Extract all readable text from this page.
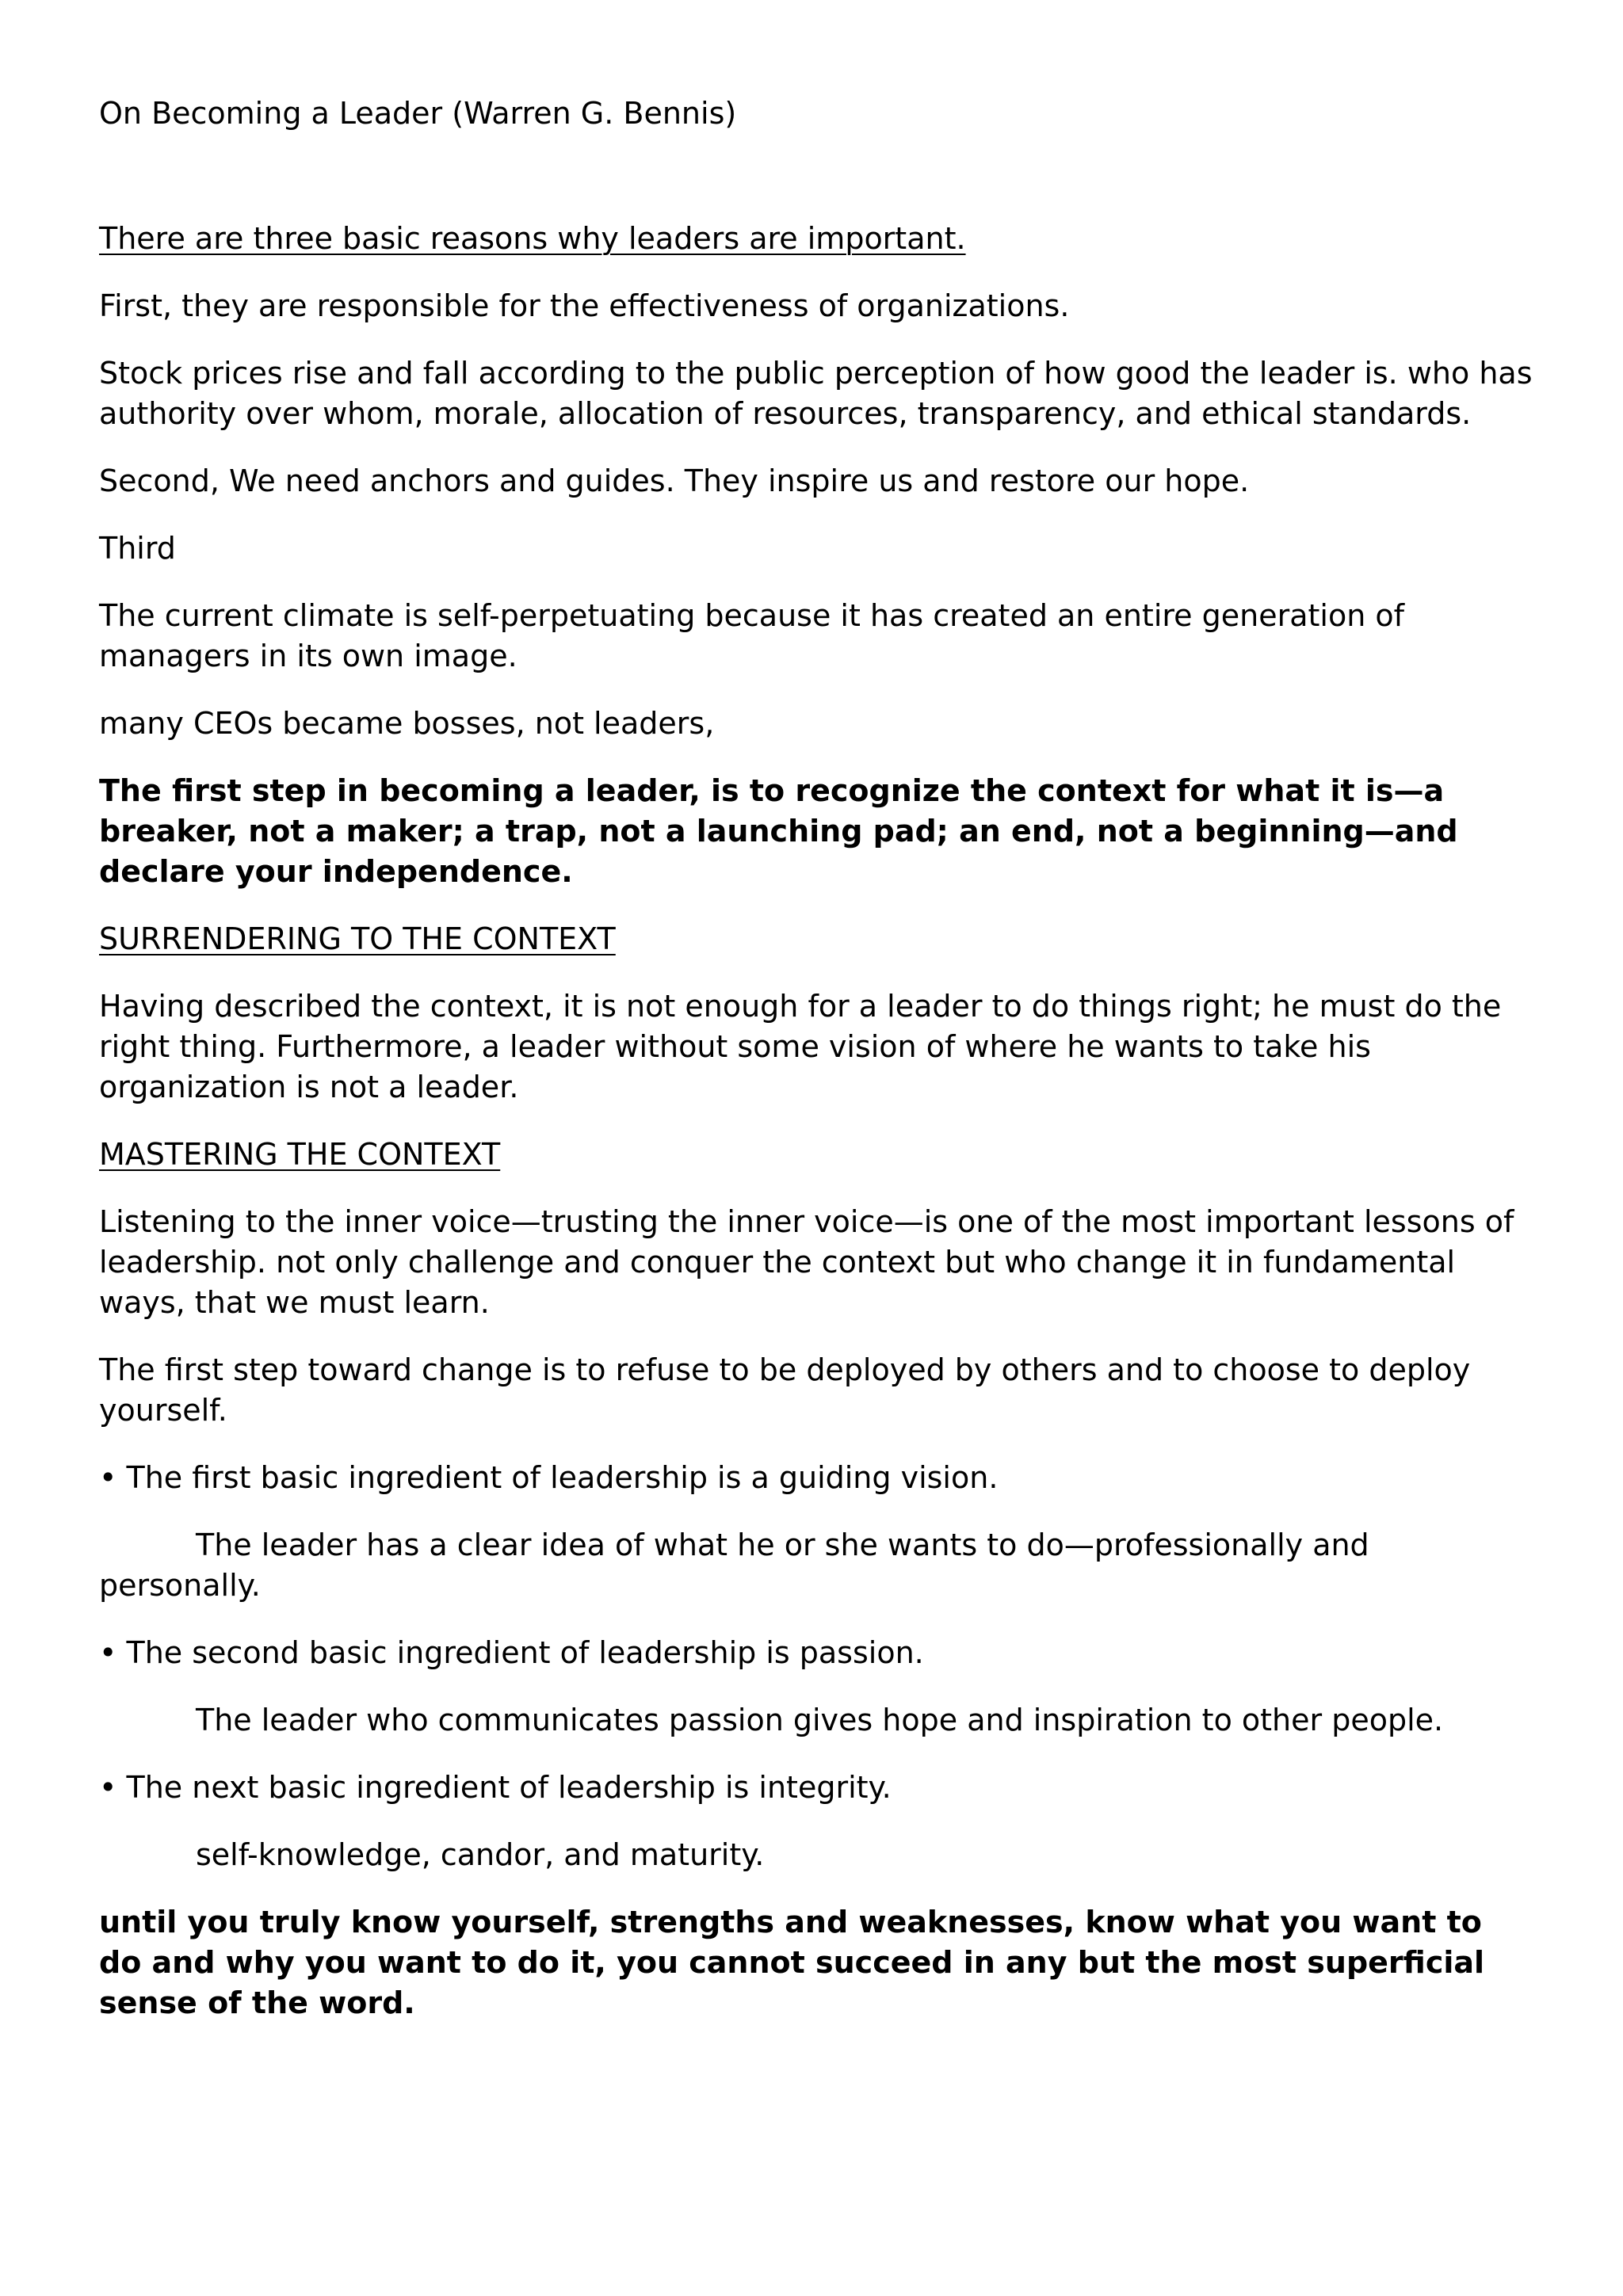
On Becoming a Leader (Warren G. Bennis)

There are three basic reasons why leaders are important.

First, they are responsible for the effectiveness of organizations.

Stock prices rise and fall according to the public perception of how good the leader is. who has authority over whom, morale, allocation of resources, transparency, and ethical standards.

Second, We need anchors and guides. They inspire us and restore our hope.

Third

The current climate is self-perpetuating because it has created an entire generation of managers in its own image.

many CEOs became bosses, not leaders,

The first step in becoming a leader, is to recognize the context for what it is—a breaker, not a maker; a trap, not a launching pad; an end, not a beginning—and declare your independence.

SURRENDERING TO THE CONTEXT

Having described the context, it is not enough for a leader to do things right; he must do the right thing. Furthermore, a leader without some vision of where he wants to take his organization is not a leader.

MASTERING THE CONTEXT

Listening to the inner voice—trusting the inner voice—is one of the most important lessons of leadership. not only challenge and conquer the context but who change it in fundamental ways, that we must learn.

The first step toward change is to refuse to be deployed by others and to choose to deploy yourself.

• The first basic ingredient of leadership is a guiding vision.

The leader has a clear idea of what he or she wants to do—professionally and personally.

• The second basic ingredient of leadership is passion.

The leader who communicates passion gives hope and inspiration to other people.

• The next basic ingredient of leadership is integrity.

self-knowledge, candor, and maturity.

until you truly know yourself, strengths and weaknesses, know what you want to do and why you want to do it, you cannot succeed in any but the most superficial sense of the word.
